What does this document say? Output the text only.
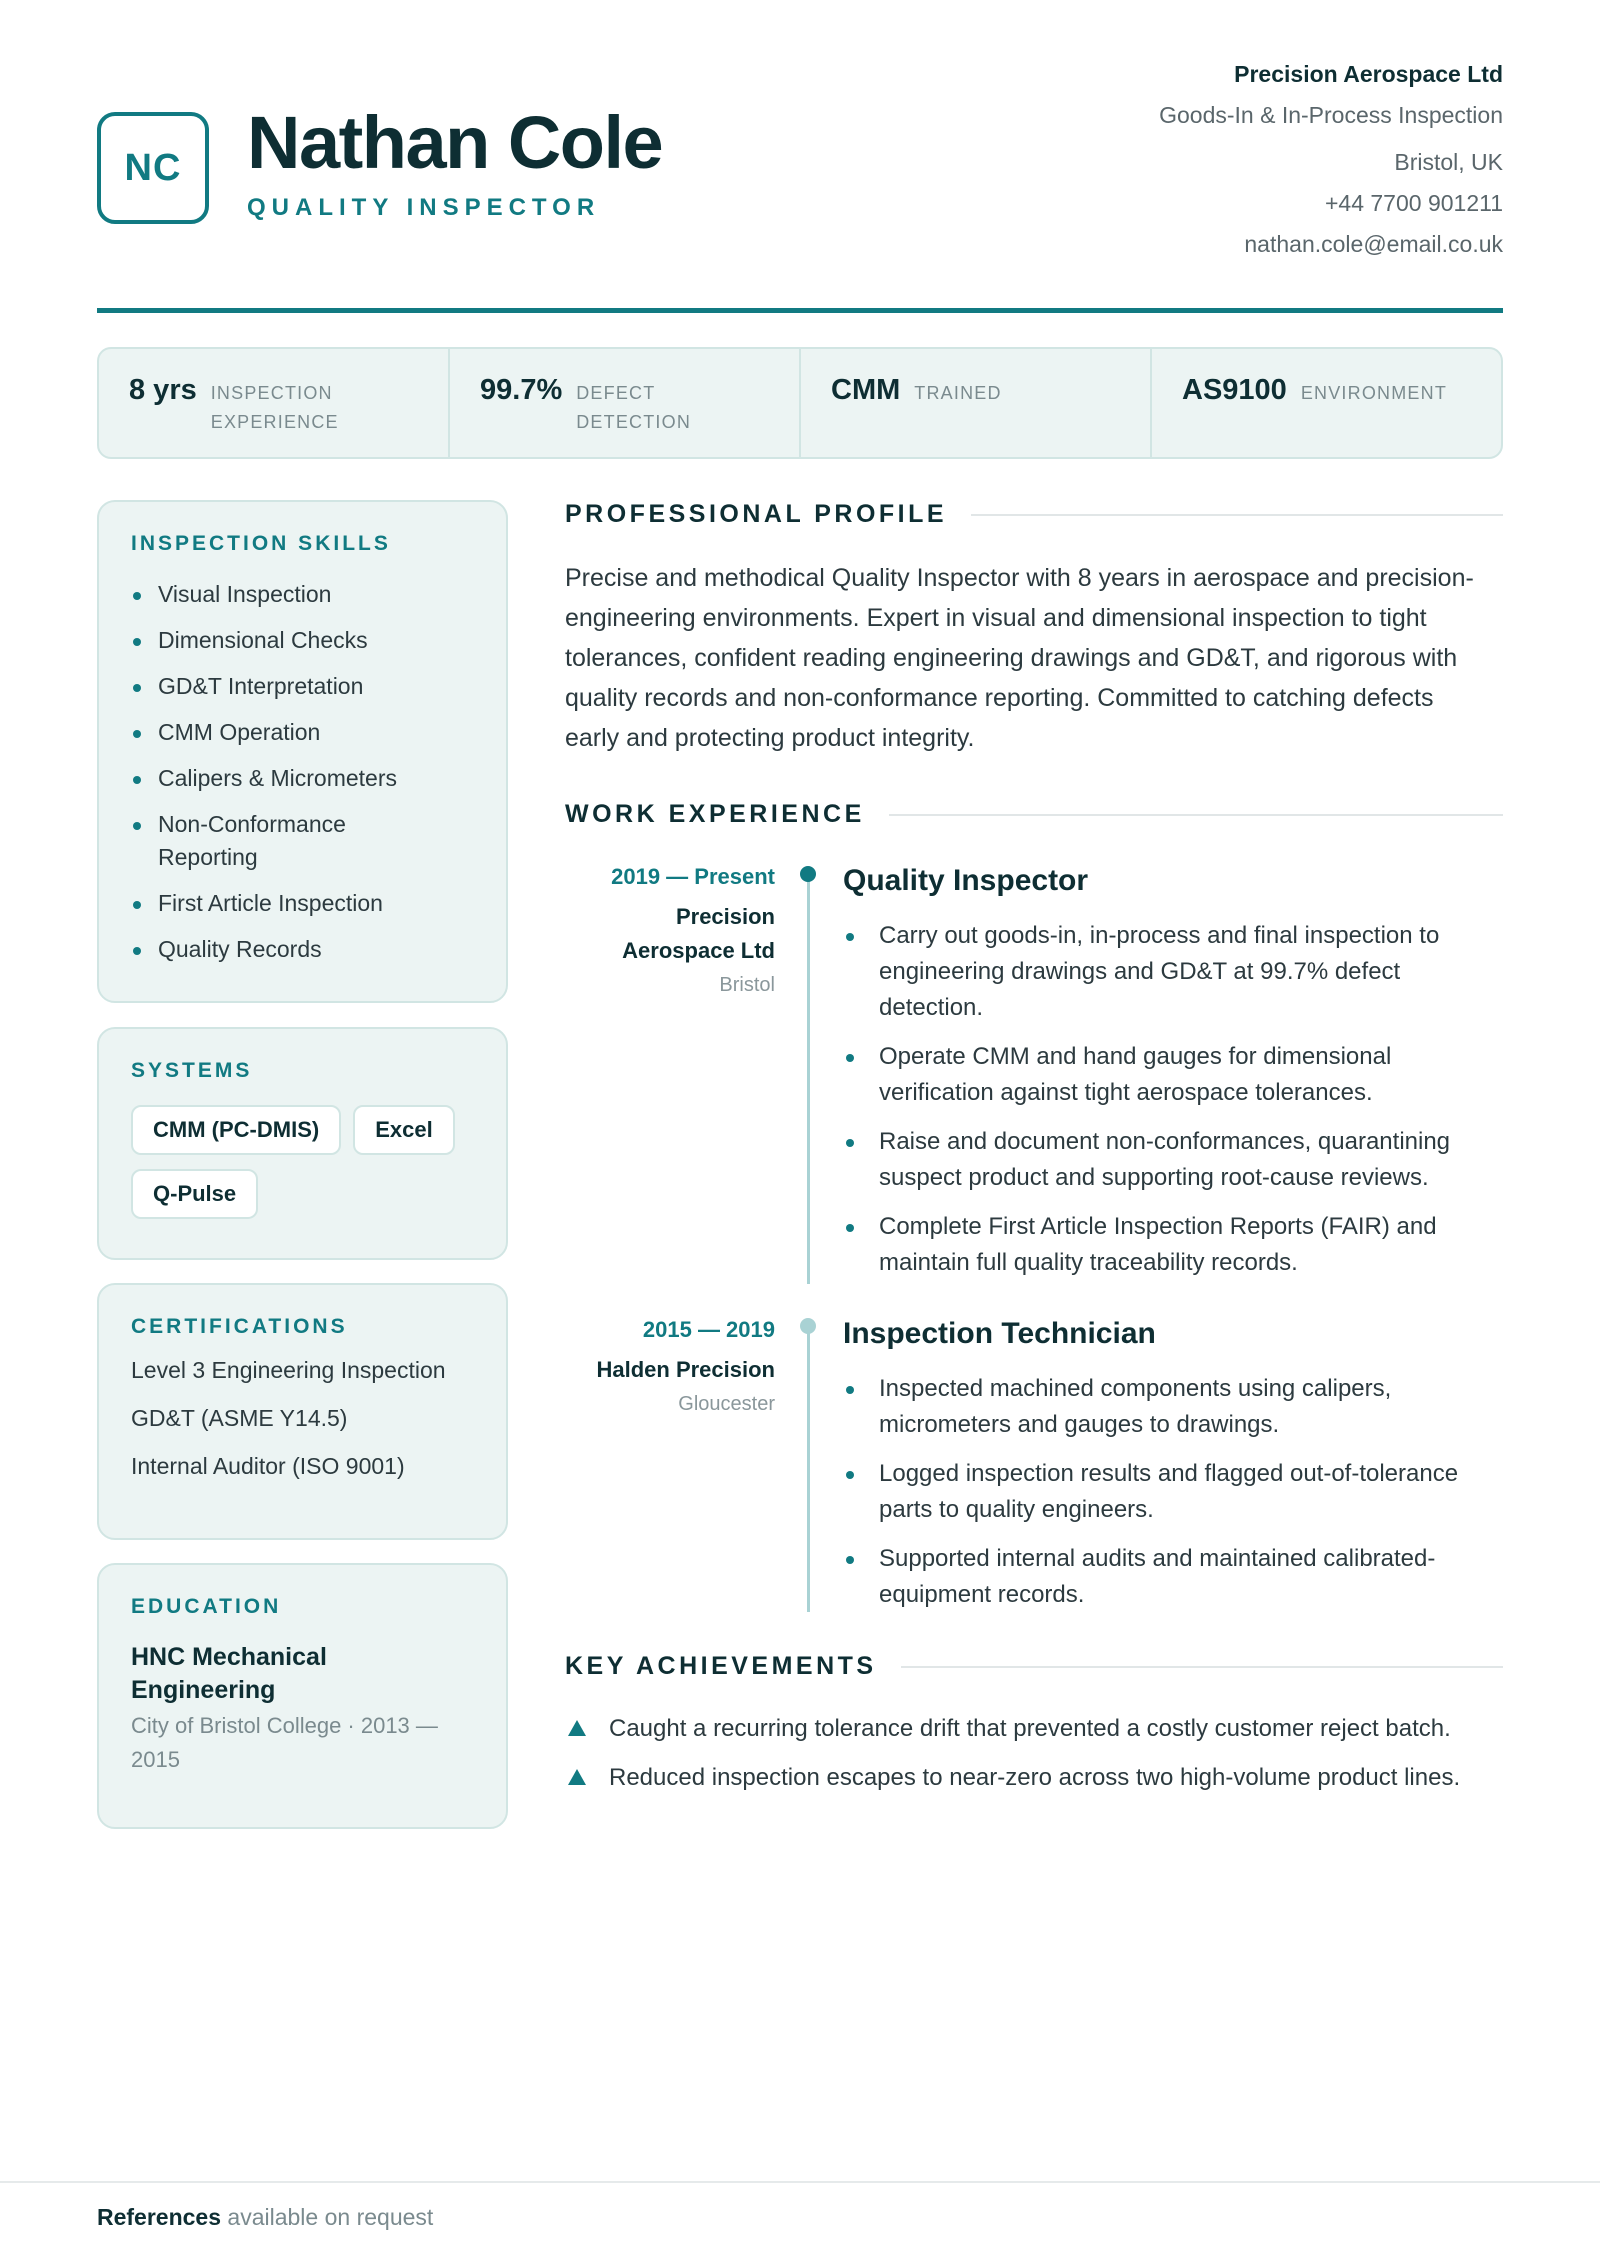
NC Nathan Cole
QUALITY INSPECTOR
Precision Aerospace Ltd
Goods-In & In-Process Inspection
Bristol, UK
+44 7700 901211
nathan.cole@email.co.uk
8 yrs INSPECTION
EXPERIENCE
99.7% DEFECT
DETECTION
CMM TRAINED	AS9100 ENVIRONMENT
INSPECTION SKILLS
Visual Inspection
Dimensional Checks
GD&T Interpretation
CMM Operation
Calipers & Micrometers
Non-Conformance Reporting
First Article Inspection
Quality Records
SYSTEMS
CMM (PC-DMIS)	Excel
Q-Pulse
CERTIFICATIONS
Level 3 Engineering Inspection
GD&T (ASME Y14.5)
Internal Auditor (ISO 9001)
EDUCATION
HNC Mechanical Engineering
City of Bristol College · 2013 — 2015
PROFESSIONAL PROFILE
Precise and methodical Quality Inspector with 8 years in aerospace and precision-engineering environments. Expert in visual and dimensional inspection to tight tolerances, confident reading engineering drawings and GD&T, and rigorous with quality records and non-conformance reporting. Committed to catching defects early and protecting product integrity.
WORK EXPERIENCE
2019 — Present
Precision Aerospace Ltd
Bristol
Quality Inspector
Carry out goods-in, in-process and final inspection to engineering drawings and GD&T at 99.7% defect detection.
Operate CMM and hand gauges for dimensional verification against tight aerospace tolerances.
Raise and document non-conformances, quarantining suspect product and supporting root-cause reviews.
Complete First Article Inspection Reports (FAIR) and maintain full quality traceability records.
2015 — 2019
Halden Precision
Gloucester
Inspection Technician
Inspected machined components using calipers, micrometers and gauges to drawings.
Logged inspection results and flagged out-of-tolerance parts to quality engineers.
Supported internal audits and maintained calibrated-equipment records.
KEY ACHIEVEMENTS
Caught a recurring tolerance drift that prevented a costly customer reject batch.
Reduced inspection escapes to near-zero across two high-volume product lines.
References available on request
